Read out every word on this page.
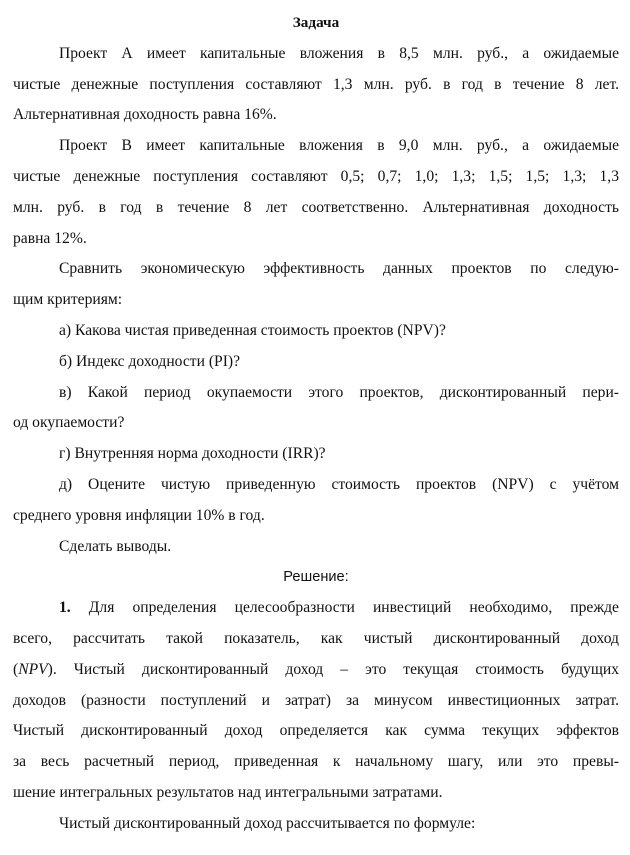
Задача
Проект А имеет капитальные вложения в 8,5 млн. руб., а ожидаемые
чистые денежные поступления составляют 1,3 млн. руб. в год в течение 8 лет.
Альтернативная доходность равна 16%.
Проект В имеет капитальные вложения в 9,0 млн. руб., а ожидаемые
чистые денежные поступления составляют 0,5; 0,7; 1,0; 1,3; 1,5; 1,5; 1,3; 1,3
млн. руб. в год в течение 8 лет соответственно. Альтернативная доходность
равна 12%.
Сравнить экономическую эффективность данных проектов по следую-
щим критериям:
а) Какова чистая приведенная стоимость проектов (NPV)?
б) Индекс доходности (PI)?
в) Какой период окупаемости этого проектов, дисконтированный пери-
од окупаемости?
г) Внутренняя норма доходности (IRR)?
д) Оцените чистую приведенную стоимость проектов (NPV) с учётом
среднего уровня инфляции 10% в год.
Сделать выводы.
Решение:
1. Для определения целесообразности инвестиций необходимо, прежде
всего, рассчитать такой показатель, как чистый дисконтированный доход
(NPV). Чистый дисконтированный доход – это текущая стоимость будущих
доходов (разности поступлений и затрат) за минусом инвестиционных затрат.
Чистый дисконтированный доход определяется как сумма текущих эффектов
за весь расчетный период, приведенная к начальному шагу, или это превы-
шение интегральных результатов над интегральными затратами.
Чистый дисконтированный доход рассчитывается по формуле:
